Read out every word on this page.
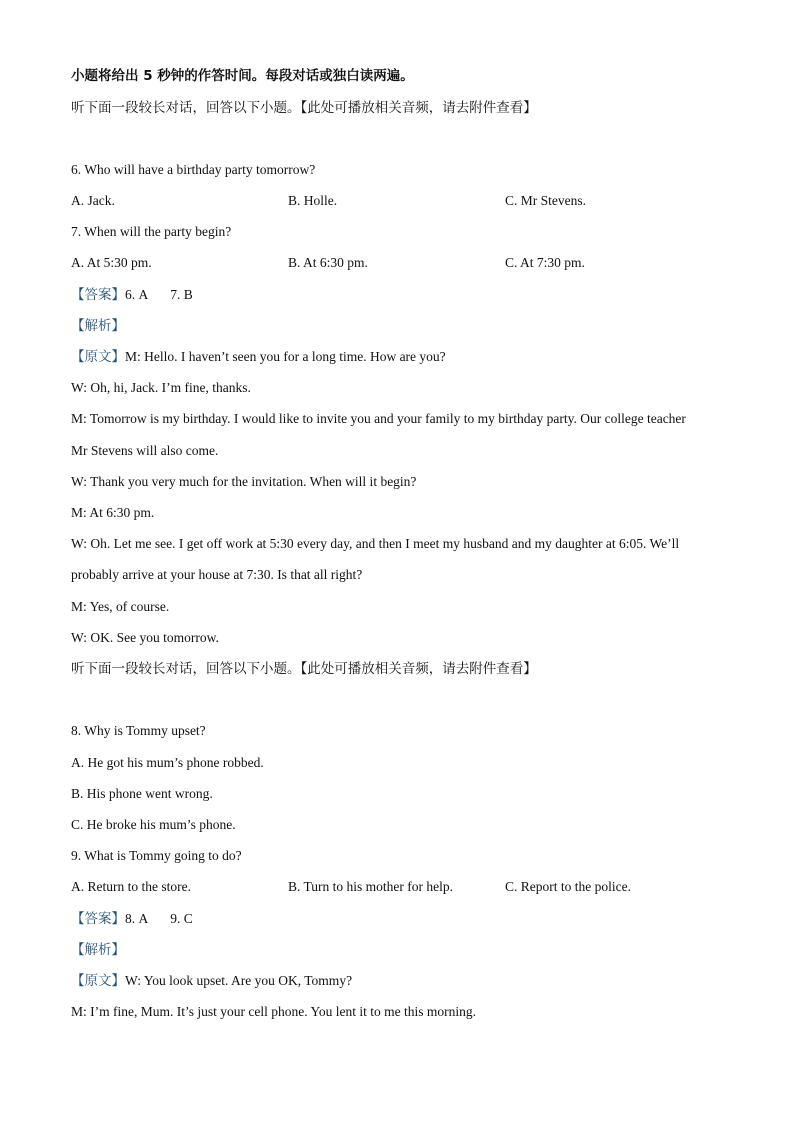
小题将给出 5 秒钟的作答时间。每段对话或独白读两遍。
听下面一段较长对话，回答以下小题。【此处可播放相关音频，请去附件查看】
6. Who will have a birthday party tomorrow?
A. Jack.	B. Holle.	C. Mr Stevens.
7. When will the party begin?
A. At 5:30 pm.	B. At 6:30 pm.	C. At 7:30 pm.
【答案】6. A 7. B
【解析】
【原文】M: Hello. I haven’t seen you for a long time. How are you?
W: Oh, hi, Jack. I’m fine, thanks.
M: Tomorrow is my birthday. I would like to invite you and your family to my birthday party. Our college teacher
Mr Stevens will also come.
W: Thank you very much for the invitation. When will it begin?
M: At 6:30 pm.
W: Oh. Let me see. I get off work at 5:30 every day, and then I meet my husband and my daughter at 6:05. We’ll
probably arrive at your house at 7:30. Is that all right?
M: Yes, of course.
W: OK. See you tomorrow.
听下面一段较长对话，回答以下小题。【此处可播放相关音频，请去附件查看】
8. Why is Tommy upset?
A. He got his mum’s phone robbed.
B. His phone went wrong.
C. He broke his mum’s phone.
9. What is Tommy going to do?
A. Return to the store.	B. Turn to his mother for help.	C. Report to the police.
【答案】8. A 9. C
【解析】
【原文】W: You look upset. Are you OK, Tommy?
M: I’m fine, Mum. It’s just your cell phone. You lent it to me this morning.
